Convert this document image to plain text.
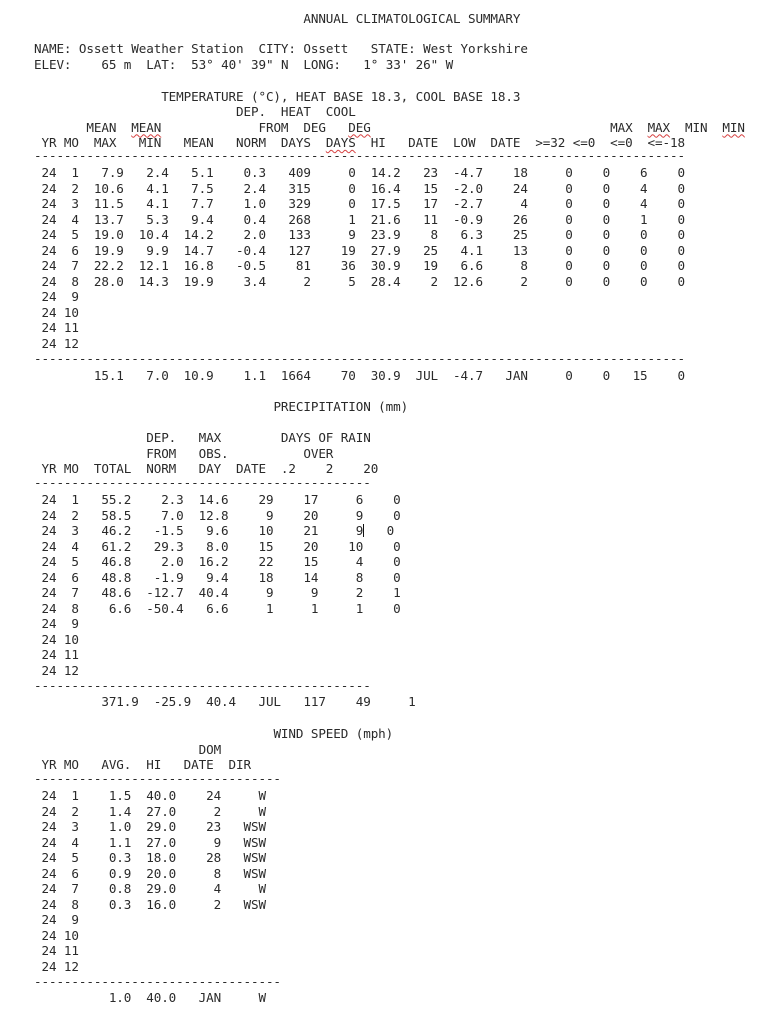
ANNUAL CLIMATOLOGICAL SUMMARY
NAME: Ossett Weather Station CITY: Ossett STATE: West Yorkshire
ELEV: 65 m LAT: 53° 40' 39" N LONG: 1° 33' 26" W
TEMPERATURE (°C), HEAT BASE 18.3, COOL BASE 18.3
DEP.  HEAT  COOL
MEAN  MEAN             FROM  DEG   DEG                                MAX  MAX  MIN  MIN
YR MO  MAX   MIN   MEAN   NORM  DAYS  DAYS  HI   DATE  LOW  DATE  >=32 <=0  <=0  <=-18
---------------------------------------------------------------------------------------
24  1   7.9   2.4   5.1    0.3   409     0  14.2   23  -4.7    18     0    0    6    0
24  2  10.6   4.1   7.5    2.4   315     0  16.4   15  -2.0    24     0    0    4    0
24  3  11.5   4.1   7.7    1.0   329     0  17.5   17  -2.7     4     0    0    4    0
24  4  13.7   5.3   9.4    0.4   268     1  21.6   11  -0.9    26     0    0    1    0
24  5  19.0  10.4  14.2    2.0   133     9  23.9    8   6.3    25     0    0    0    0
24  6  19.9   9.9  14.7   -0.4   127    19  27.9   25   4.1    13     0    0    0    0
24  7  22.2  12.1  16.8   -0.5    81    36  30.9   19   6.6     8     0    0    0    0
24  8  28.0  14.3  19.9    3.4     2     5  28.4    2  12.6     2     0    0    0    0
24  9
24 10
24 11
24 12
---------------------------------------------------------------------------------------
15.1   7.0  10.9    1.1  1664    70  30.9  JUL  -4.7   JAN     0    0   15    0
PRECIPITATION (mm)
DEP.   MAX        DAYS OF RAIN
FROM   OBS.          OVER
YR MO  TOTAL  NORM   DAY  DATE  .2    2    20
---------------------------------------------
24  1   55.2    2.3  14.6    29    17     6    0
24  2   58.5    7.0  12.8     9    20     9    0
24  3   46.2   -1.5   9.6    10    21     9   0
24  4   61.2   29.3   8.0    15    20    10    0
24  5   46.8    2.0  16.2    22    15     4    0
24  6   48.8   -1.9   9.4    18    14     8    0
24  7   48.6  -12.7  40.4     9     9     2    1
24  8    6.6  -50.4   6.6     1     1     1    0
24  9
24 10
24 11
24 12
---------------------------------------------
371.9  -25.9  40.4   JUL   117    49     1
WIND SPEED (mph)
DOM
YR MO   AVG.  HI   DATE  DIR
---------------------------------
24  1    1.5  40.0    24     W
24  2    1.4  27.0     2     W
24  3    1.0  29.0    23   WSW
24  4    1.1  27.0     9   WSW
24  5    0.3  18.0    28   WSW
24  6    0.9  20.0     8   WSW
24  7    0.8  29.0     4     W
24  8    0.3  16.0     2   WSW
24  9
24 10
24 11
24 12
---------------------------------
1.0  40.0   JAN     W
